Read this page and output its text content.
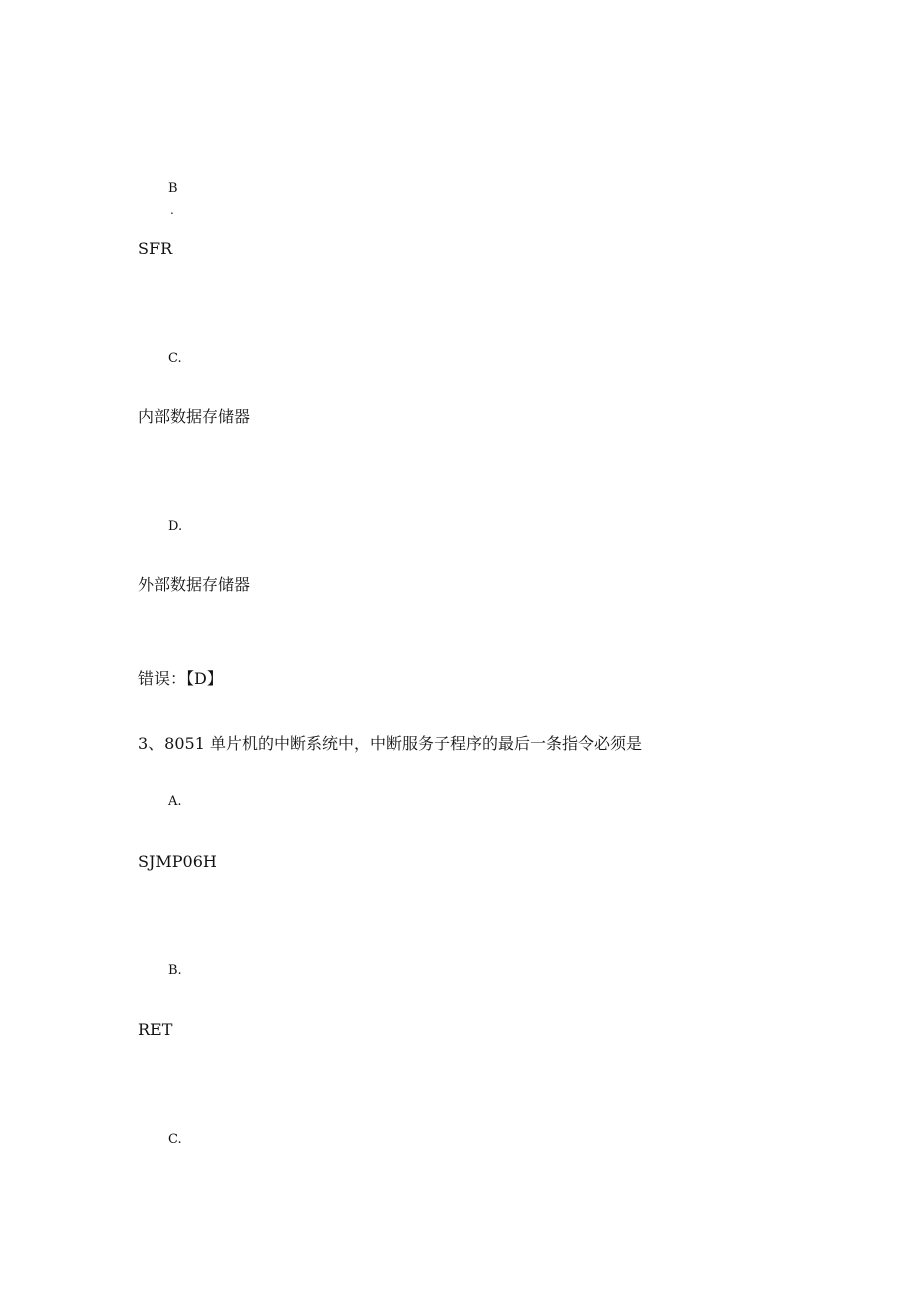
B
.
SFR
C.
内部数据存储器
D.
外部数据存储器
错误：【D】
3、8051 单片机的中断系统中，中断服务子程序的最后一条指令必须是
A.
SJMP06H
B.
RET
C.
